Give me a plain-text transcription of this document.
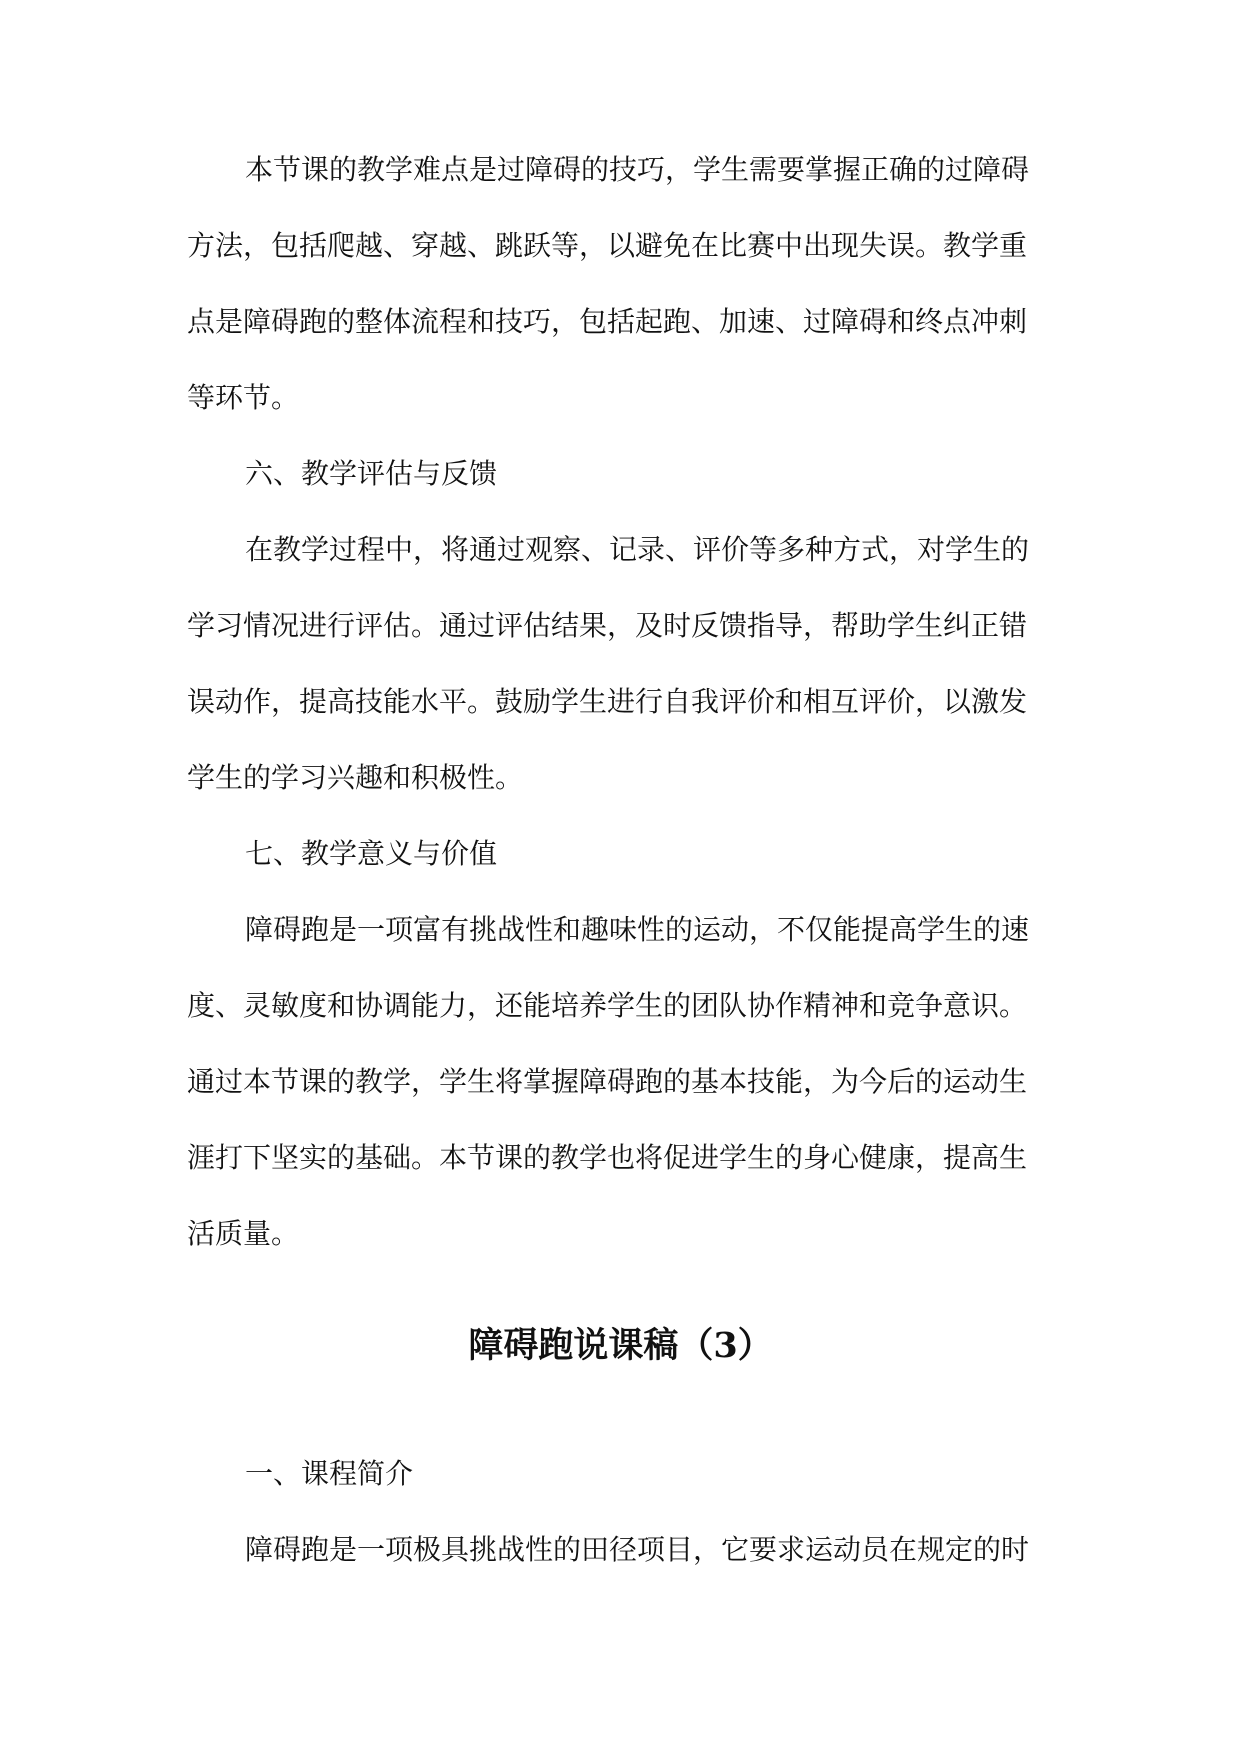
本节课的教学难点是过障碍的技巧，学生需要掌握正确的过障碍
方法，包括爬越、穿越、跳跃等，以避免在比赛中出现失误。教学重
点是障碍跑的整体流程和技巧，包括起跑、加速、过障碍和终点冲刺
等环节。
六、教学评估与反馈
在教学过程中，将通过观察、记录、评价等多种方式，对学生的
学习情况进行评估。通过评估结果，及时反馈指导，帮助学生纠正错
误动作，提高技能水平。鼓励学生进行自我评价和相互评价，以激发
学生的学习兴趣和积极性。
七、教学意义与价值
障碍跑是一项富有挑战性和趣味性的运动，不仅能提高学生的速
度、灵敏度和协调能力，还能培养学生的团队协作精神和竞争意识。
通过本节课的教学，学生将掌握障碍跑的基本技能，为今后的运动生
涯打下坚实的基础。本节课的教学也将促进学生的身心健康，提高生
活质量。
障碍跑说课稿（3）
一、课程简介
障碍跑是一项极具挑战性的田径项目，它要求运动员在规定的时
